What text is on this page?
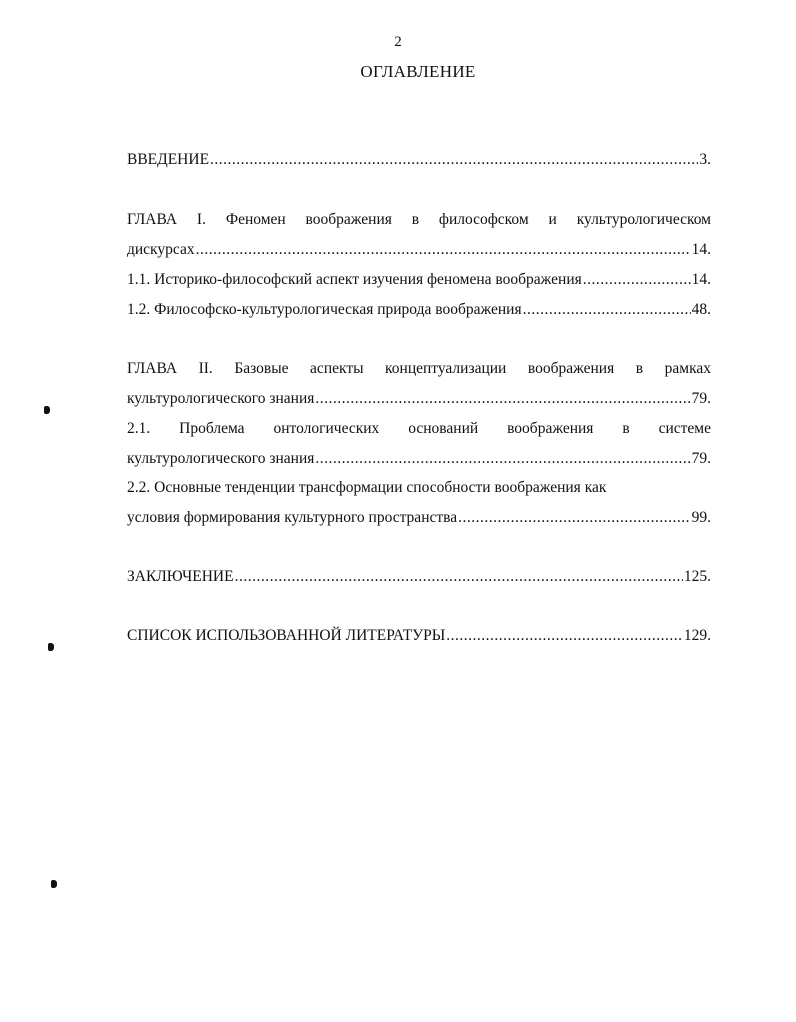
2
ОГЛАВЛЕНИЕ
ВВЕДЕНИЕ .....	3.
ГЛАВА I. Феномен воображения в философском и культурологическом
дискурсах .....	14.
1.1. Историко-философский аспект изучения феномена воображения .....	14.
1.2. Философско-культурологическая природа воображения .....	48.
ГЛАВА II. Базовые аспекты концептуализации воображения в рамках
культурологического знания .....	79.
2.1. Проблема онтологических оснований воображения в системе
культурологического знания .....	79.
2.2. Основные тенденции трансформации способности воображения как
условия формирования культурного пространства .....	99.
ЗАКЛЮЧЕНИЕ .....	125.
СПИСОК ИСПОЛЬЗОВАННОЙ ЛИТЕРАТУРЫ .....	129.
